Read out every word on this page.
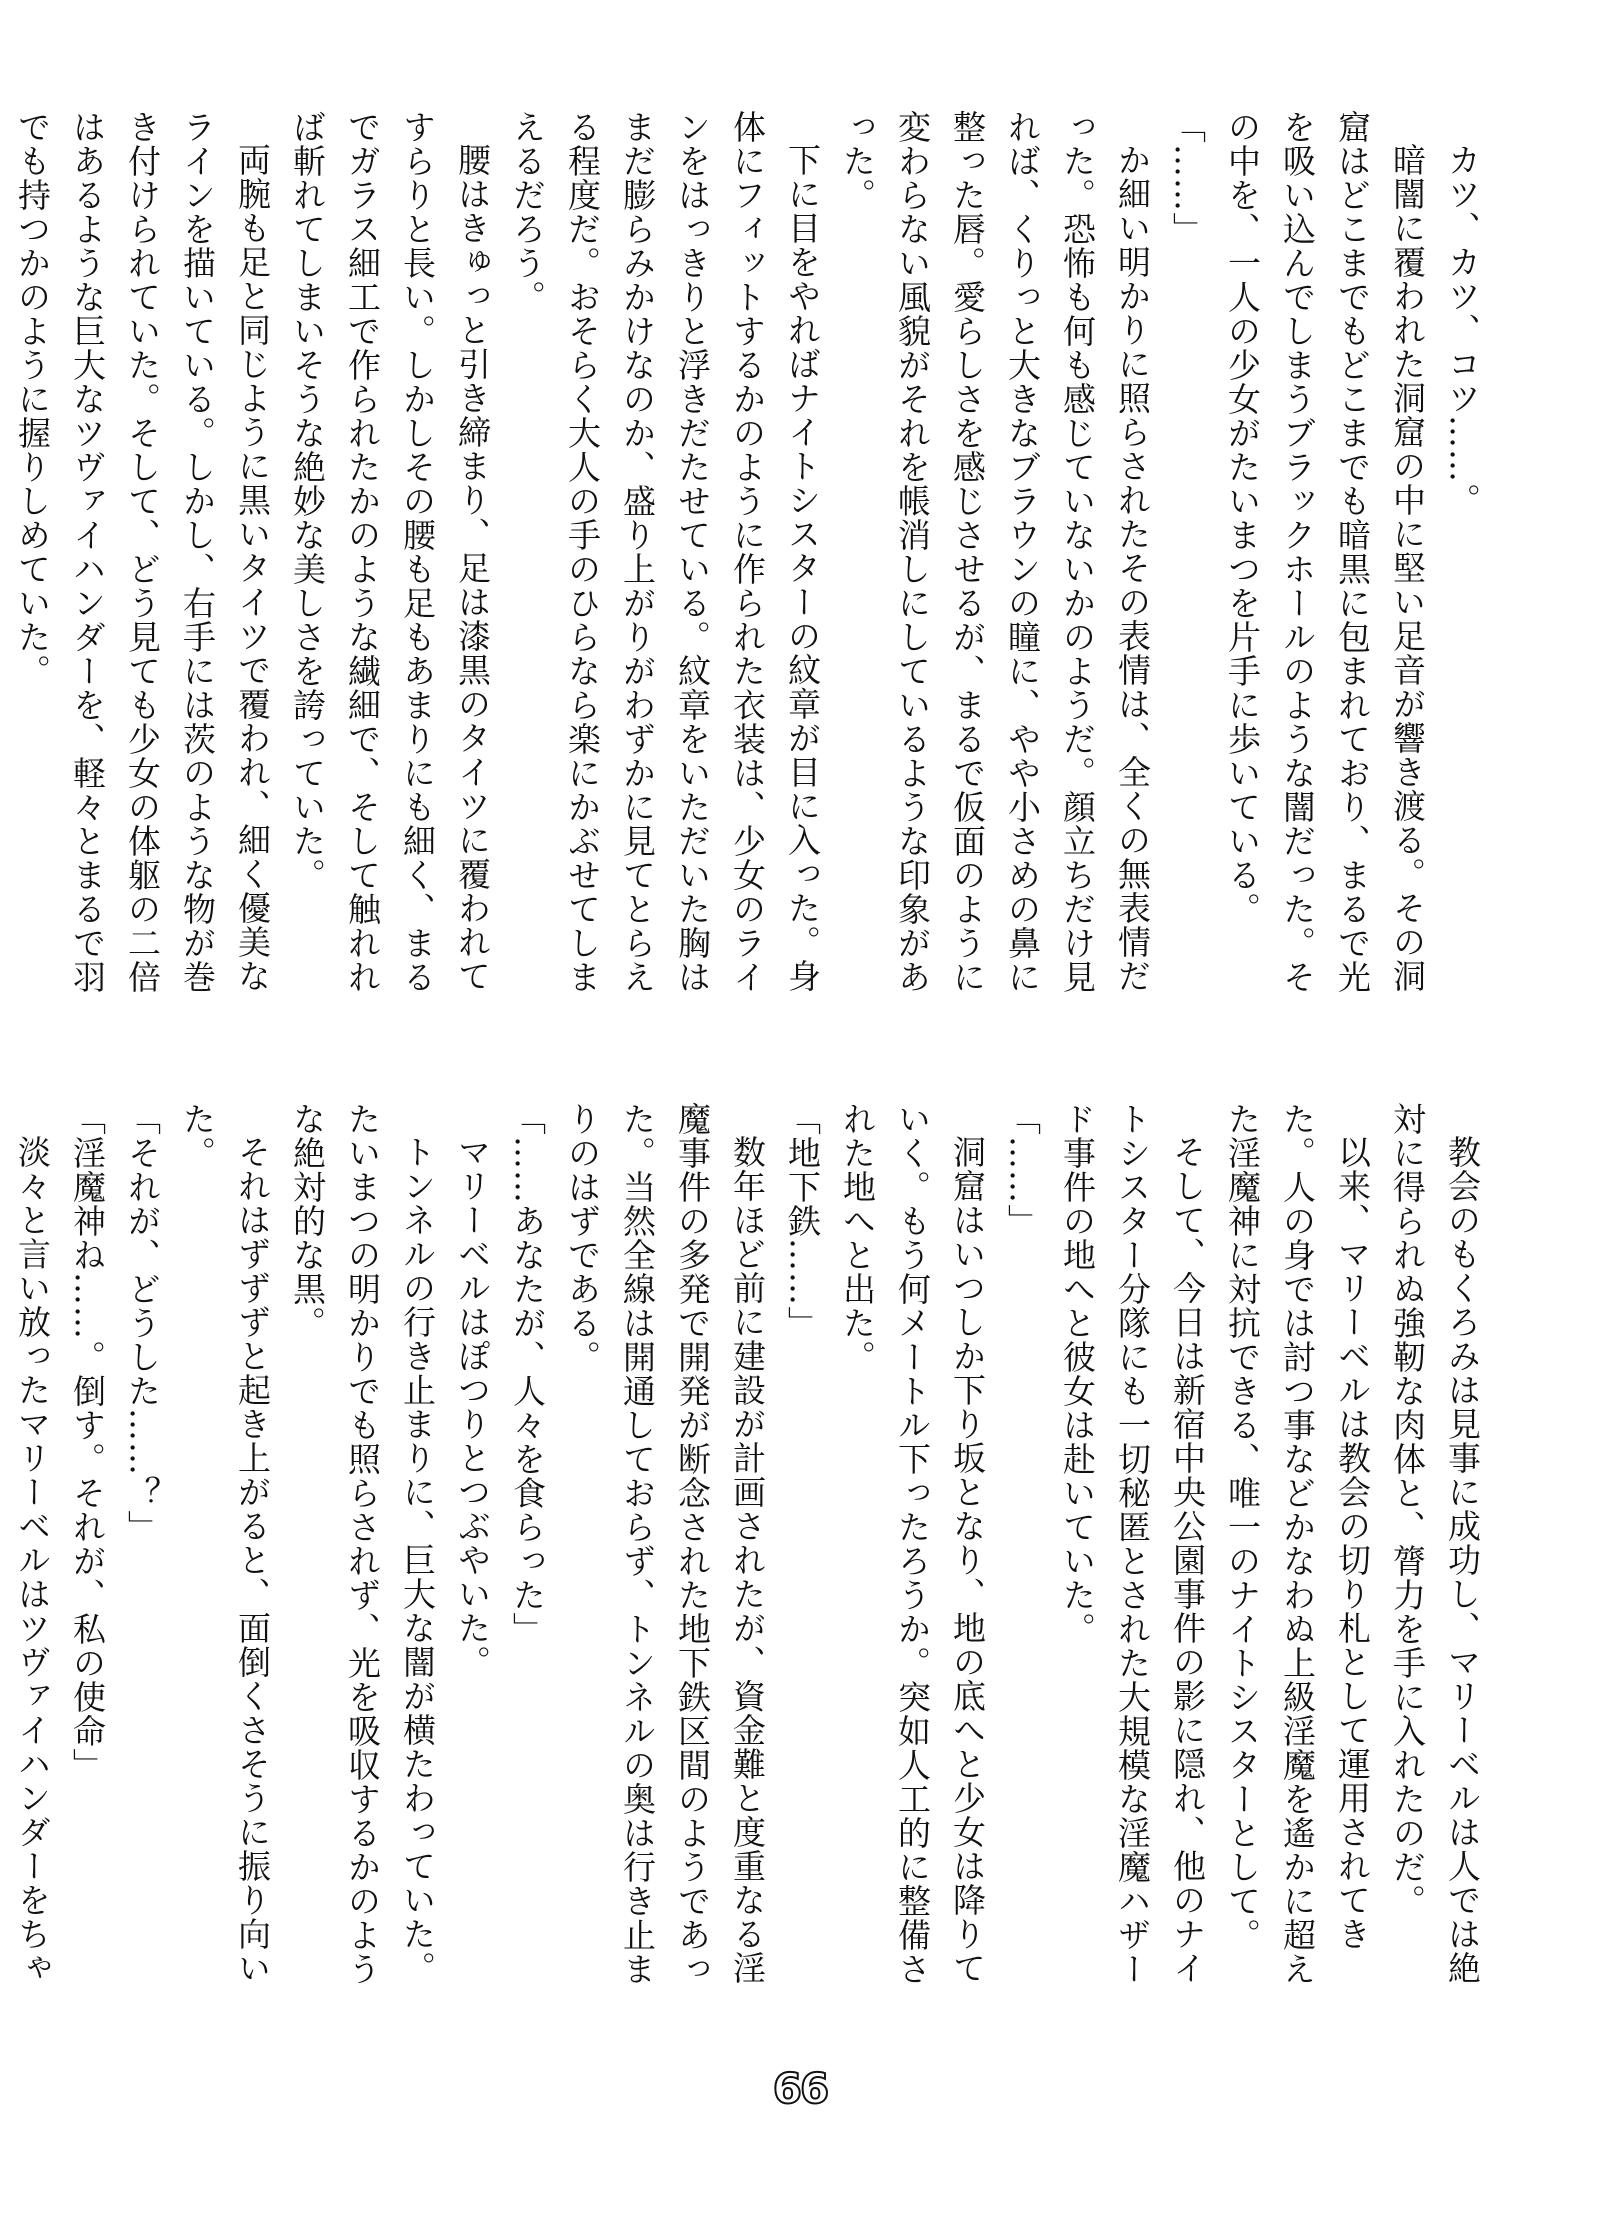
カツ、カツ、コツ……。

暗闇に覆われた洞窟の中に堅い足音が響き渡る。その洞窟はどこまでもどこまでも暗黒に包まれており、まるで光を吸い込んでしまうブラックホールのような闇だった。その中を、一人の少女がたいまつを片手に歩いている。

「……」

か細い明かりに照らされたその表情は、全くの無表情だった。恐怖も何も感じていないかのようだ。顔立ちだけ見れば、くりっと大きなブラウンの瞳に、やや小さめの鼻に整った唇。愛らしさを感じさせるが、まるで仮面のように変わらない風貌がそれを帳消しにしているような印象があった。

下に目をやればナイトシスターの紋章が目に入った。身体にフィットするかのように作られた衣装は、少女のラインをはっきりと浮きだたせている。紋章をいただいた胸はまだ膨らみかけなのか、盛り上がりがわずかに見てとらえる程度だ。おそらく大人の手のひらなら楽にかぶせてしまえるだろう。

腰はきゅっと引き締まり、足は漆黒のタイツに覆われてすらりと長い。しかしその腰も足もあまりにも細く、まるでガラス細工で作られたかのような繊細で、そして触れれば斬れてしまいそうな絶妙な美しさを誇っていた。

両腕も足と同じように黒いタイツで覆われ、細く優美なラインを描いている。しかし、右手には茨のような物が巻き付けられていた。そして、どう見ても少女の体躯の二倍はあるような巨大なツヴァイハンダーを、軽々とまるで羽でも持つかのように握りしめていた。

教会のもくろみは見事に成功し、マリーベルは人では絶対に得られぬ強靭な肉体と、膂力を手に入れたのだ。

以来、マリーベルは教会の切り札として運用されてきた。人の身では討つ事などかなわぬ上級淫魔を遙かに超えた淫魔神に対抗できる、唯一のナイトシスターとして。

そして、今日は新宿中央公園事件の影に隠れ、他のナイトシスター分隊にも一切秘匿とされた大規模な淫魔ハザード事件の地へと彼女は赴いていた。

「……」

洞窟はいつしか下り坂となり、地の底へと少女は降りていく。もう何メートル下ったろうか。突如人工的に整備された地へと出た。

「地下鉄……」

数年ほど前に建設が計画されたが、資金難と度重なる淫魔事件の多発で開発が断念された地下鉄区間のようであった。当然全線は開通しておらず、トンネルの奥は行き止まりのはずである。

「……あなたが、人々を食らった」

マリーベルはぽつりとつぶやいた。

トンネルの行き止まりに、巨大な闇が横たわっていた。たいまつの明かりでも照らされず、光を吸収するかのような絶対的な黒。

それはずずずと起き上がると、面倒くさそうに振り向いた。

「それが、どうした……？」

「淫魔神ね……。倒す。それが、私の使命」

淡々と言い放ったマリーベルはツヴァイハンダーをちゃ

66
